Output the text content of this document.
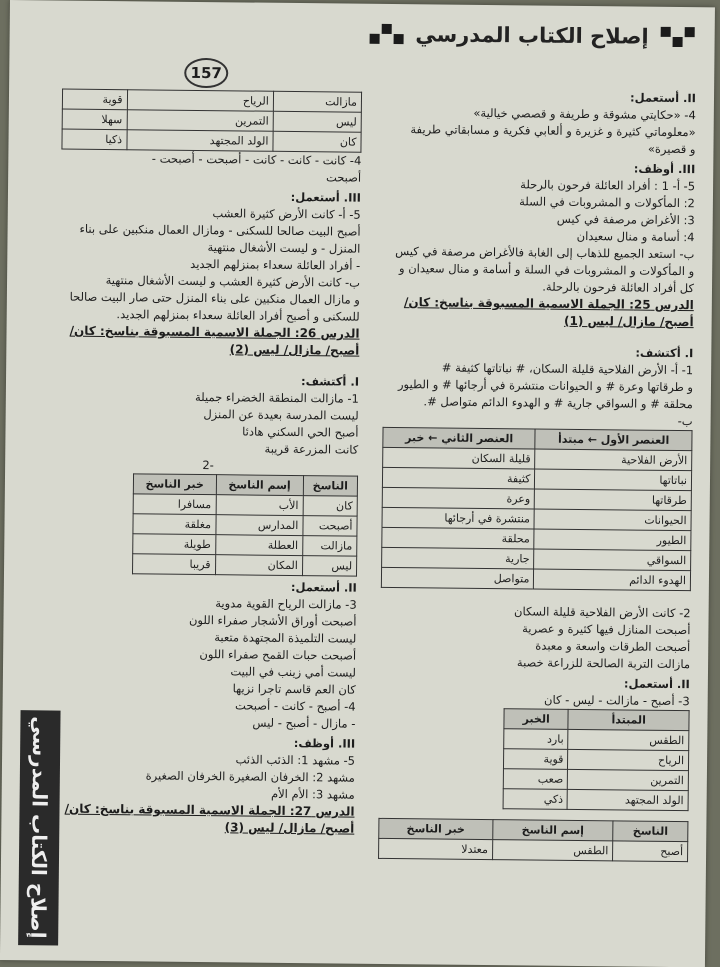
إصلاح الكتاب المدرسي
157
II. أستعمل:
4- «حكايتي مشوقة و طريفة و قصصي خيالية»
«معلوماتي كثيرة و غزيرة و ألعابي فكرية و مسابقاتي طريفة
و قصيرة»
III. أوظف:
5- أ- 1 : أفراد العائلة فرحون بالرحلة
2: المأكولات و المشروبات في السلة
3: الأغراض مرصفة في كيس
4: أسامة و منال سعيدان
ب- استعد الجميع للذهاب إلى الغابة فالأغراض مرصفة في كيس
و المأكولات و المشروبات في السلة و أسامة و منال سعيدان و
كل أفراد العائلة فرحون بالرحلة.
الدرس 25: الجملة الاسمية المسبوقة بناسخ: كان/ أصبح/ مازال/ ليس (1)
I. أكتشف:
1- أ- الأرض الفلاحية قليلة السكان، # نباتاتها كثيفة #
و طرقاتها وعرة # و الحيوانات منتشرة في أرجائها # و الطيور
محلقة # و السواقي جارية # و الهدوء الدائم متواصل #.
ب-
العنصر الأول ← مبتدأ	العنصر الثاني ← خبر
الأرض الفلاحية	قليلة السكان
نباتاتها	كثيفة
طرقاتها	وعرة
الحيوانات	منتشرة في أرجائها
الطيور	محلقة
السواقي	جارية
الهدوء الدائم	متواصل
2- كانت الأرض الفلاحية قليلة السكان
أصبحت المنازل فيها كثيرة و عصرية
أصبحت الطرقات واسعة و معبدة
مازالت التربة الصالحة للزراعة خصبة
II. أستعمل:
3- أصبح - مازالت - ليس - كان
المبتدأ	الخبر
الطقس	بارد
الرياح	قوية
التمرين	صعب
الولد المجتهد	ذكي
الناسخ	إسم الناسخ	خبر الناسخ
أصبح	الطقس	معتدلا
مازالت	الرياح	قوية
ليس	التمرين	سهلا
كان	الولد المجتهد	ذكيا
4- كانت - كانت - كانت - أصبحت - أصبحت -
أصبحت
III. أستعمل:
5- أ- كانت الأرض كثيرة العشب
أصبح البيت صالحا للسكنى - ومازال العمال منكبين على بناء
المنزل - و ليست الأشغال منتهية
- أفراد العائلة سعداء بمنزلهم الجديد
ب- كانت الأرض كثيرة العشب و ليست الأشغال منتهية
و مازال العمال منكبين على بناء المنزل حتى صار البيت صالحا
للسكنى و أصبح أفراد العائلة سعداء بمنزلهم الجديد.
الدرس 26: الجملة الاسمية المسبوقة بناسخ: كان/ أصبح/ مازال/ ليس (2)
I. أكتشف:
1- مازالت المنطقة الخضراء جميلة
ليست المدرسة بعيدة عن المنزل
أصبح الحي السكني هادئا
كانت المزرعة قريبة
-2
الناسخ	إسم الناسخ	خبر الناسخ
كان	الأب	مسافرا
أصبحت	المدارس	مغلقة
مازالت	العطلة	طويلة
ليس	المكان	قريبا
II. أستعمل:
3- مازالت الرياح القوية مدوية
أصبحت أوراق الأشجار صفراء اللون
ليست التلميذة المجتهدة متعبة
أصبحت حبات القمح صفراء اللون
ليست أمي زينب في البيت
كان العم قاسم تاجرا نزيها
4- أصبح - كانت - أصبحت
- مازال - أصبح - ليس
III. أوظف:
5- مشهد 1: الذئب الذئب
مشهد 2: الخرفان الصغيرة الخرفان الصغيرة
مشهد 3: الأم الأم
الدرس 27: الجملة الاسمية المسبوقة بناسخ: كان/ أصبح/ مازال/ ليس (3)
إصلاح الكتاب المدرسي
